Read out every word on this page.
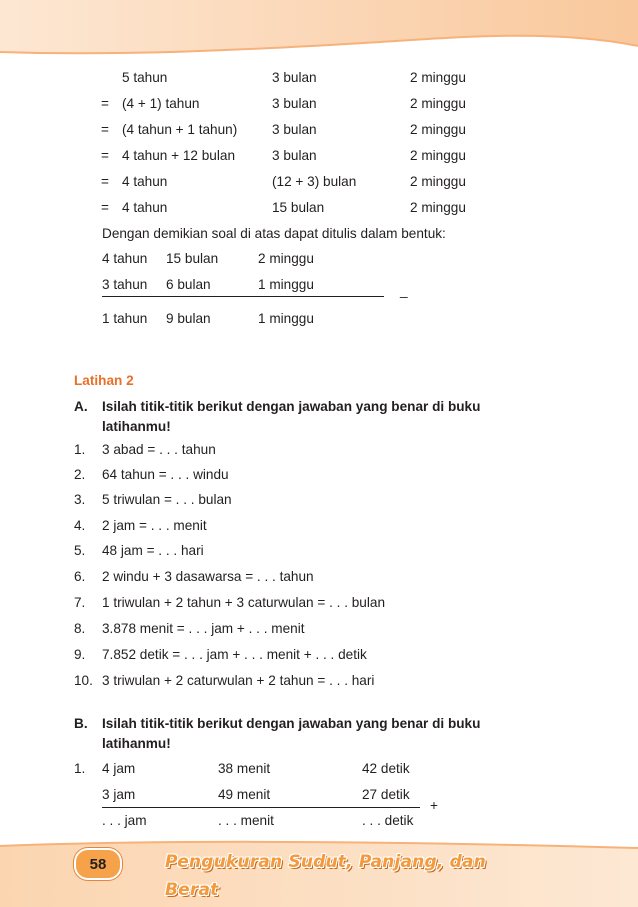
5 tahun	3 bulan	2 minggu
= (4 + 1) tahun	3 bulan	2 minggu
= (4 tahun + 1 tahun)	3 bulan	2 minggu
= 4 tahun + 12 bulan	3 bulan	2 minggu
= 4 tahun	(12 + 3) bulan	2 minggu
= 4 tahun	15 bulan	2 minggu
Dengan demikian soal di atas dapat ditulis dalam bentuk:
4 tahun 15 bulan	2 minggu
3 tahun 6 bulan	1 minggu	_
1 tahun 9 bulan	1 minggu
Latihan 2
A. Isilah titik-titik berikut dengan jawaban yang benar di buku
latihanmu!
1. 3 abad = . . . tahun
2. 64 tahun = . . . windu
3. 5 triwulan = . . . bulan
4. 2 jam = . . . menit
5. 48 jam = . . . hari
6. 2 windu + 3 dasawarsa = . . . tahun
7. 1 triwulan + 2 tahun + 3 caturwulan = . . . bulan
8. 3.878 menit = . . . jam + . . . menit
9. 7.852 detik = . . . jam + . . . menit + . . . detik
10. 3 triwulan + 2 caturwulan + 2 tahun = . . . hari
B. Isilah titik-titik berikut dengan jawaban yang benar di buku
latihanmu!
1. 4 jam	38 menit	42 detik
3 jam	49 menit	27 detik
+
. . . jam	. . . menit	. . . detik
58	Pengukuran Sudut, Panjang, dan Berat
